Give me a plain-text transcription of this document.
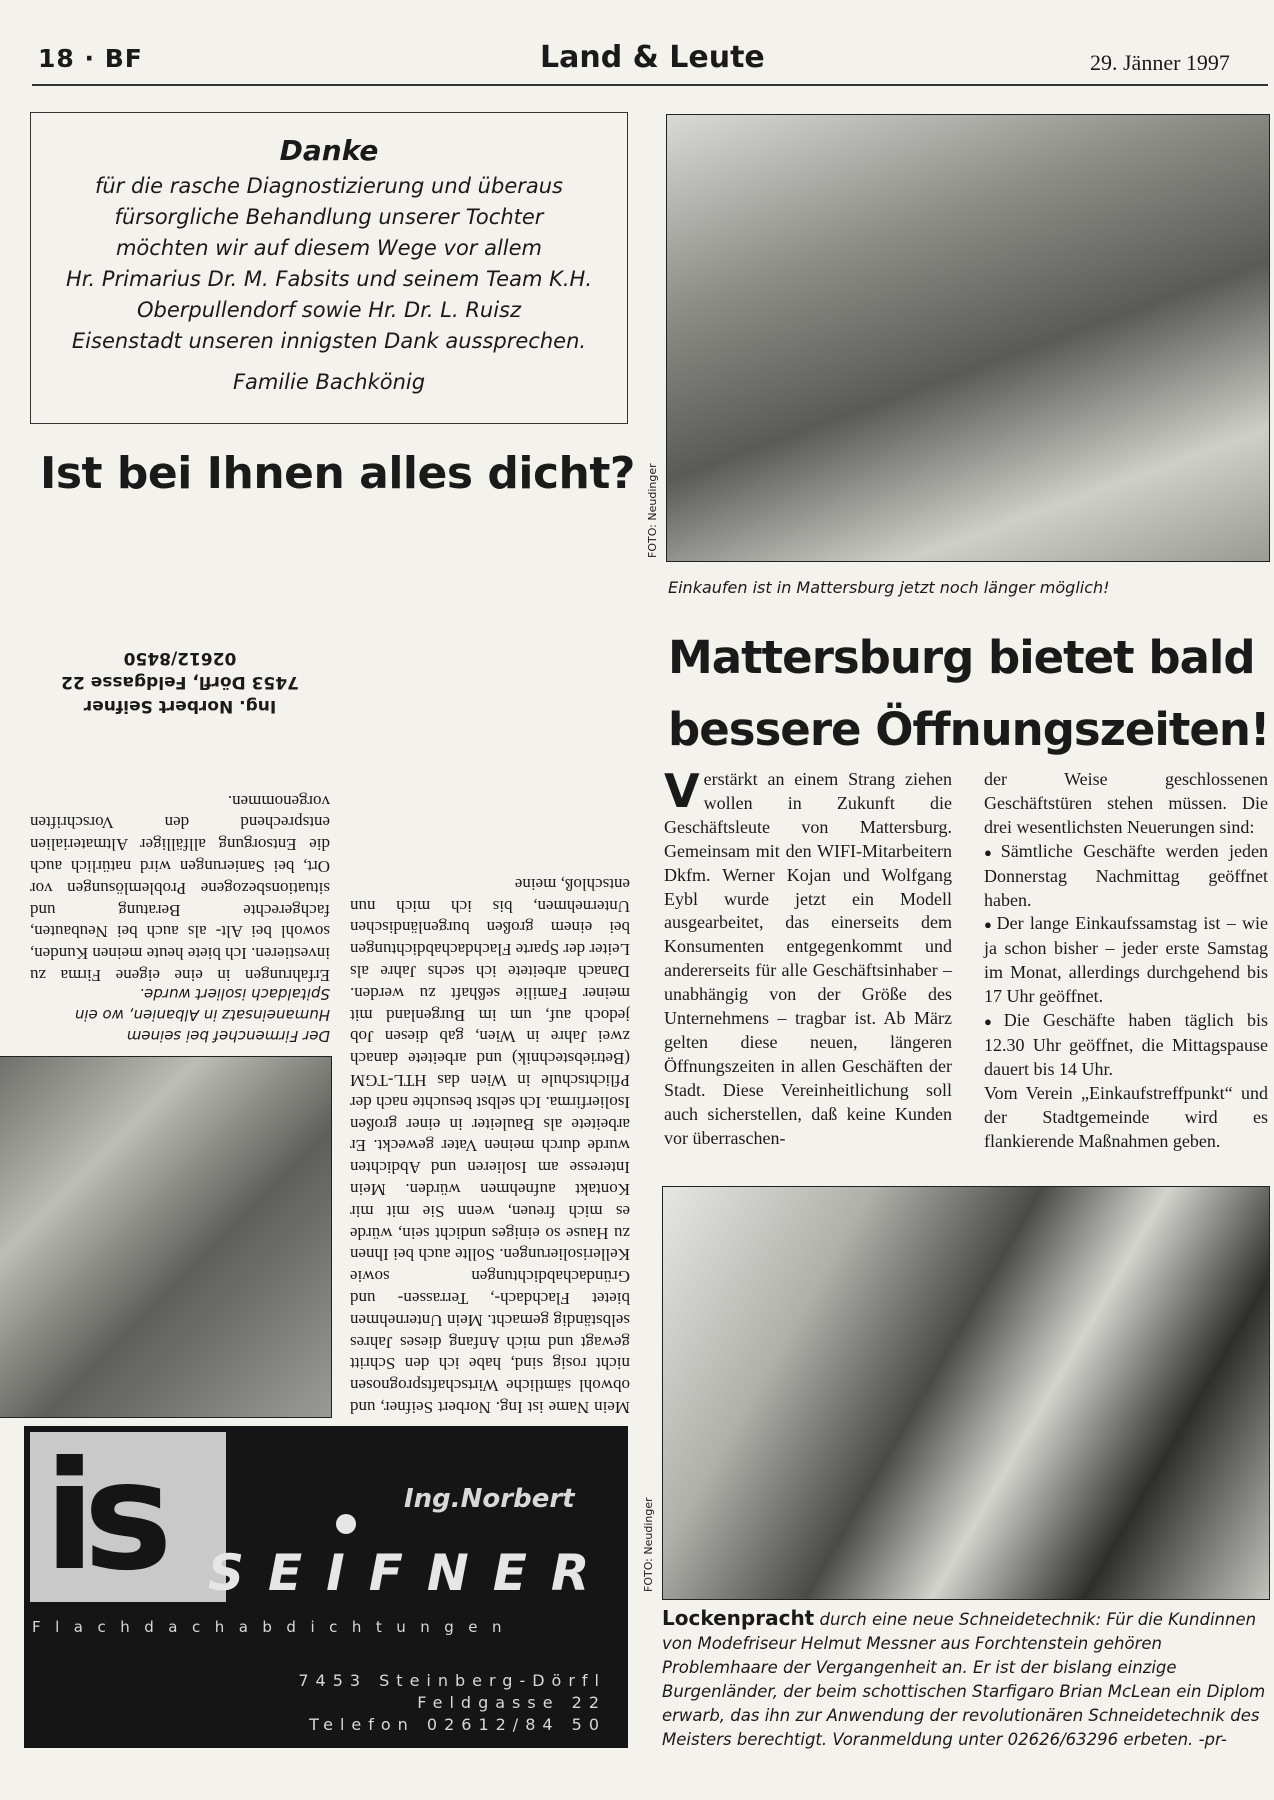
18 · BF	Land & Leute	29. Jänner 1997
Danke
für die rasche Diagnostizierung und überaus
fürsorgliche Behandlung unserer Tochter
möchten wir auf diesem Wege vor allem
Hr. Primarius Dr. M. Fabsits und seinem Team K.H.
Oberpullendorf sowie Hr. Dr. L. Ruisz
Eisenstadt unseren innigsten Dank aussprechen.
Familie Bachkönig
Ist bei Ihnen alles dicht?
Mein Name ist Ing. Norbert Seifner, und obwohl sämtliche Wirtschaftsprognosen nicht rosig sind, habe ich den Schritt gewagt und mich Anfang dieses Jahres selbständig gemacht. Mein Unternehmen bietet Flachdach-, Terrassen- und Gründachabdichtungen sowie Kellerisolierungen. Sollte auch bei Ihnen zu Hause so einiges undicht sein, würde es mich freuen, wenn Sie mit mir Kontakt aufnehmen würden. Mein Interesse am Isolieren und Abdichten wurde durch meinen Vater geweckt. Er arbeitete als Bauleiter in einer großen Isolierfirma. Ich selbst besuchte nach der Pflichtschule in Wien das HTL-TGM (Betriebstechnik) und arbeitete danach zwei Jahre in Wien, gab diesen Job jedoch auf, um im Burgenland mit meiner Familie seßhaft zu werden. Danach arbeitete ich sechs Jahre als Leiter der Sparte Flachdachabdichtungen bei einem großen burgenländischen Unternehmen, bis ich mich nun entschloß, meine
Der Firmenchef bei seinem Humaneinsatz in Albanien, wo ein Spitaldach isoliert wurde.
Erfahrungen in eine eigene Firma zu investieren. Ich biete heute meinen Kunden, sowohl bei Alt- als auch bei Neubauten, fachgerechte Beratung und situationsbezogene Problemlösungen vor Ort, bei Sanierungen wird natürlich auch die Entsorgung allfälliger Altmaterialien entsprechend den Vorschriften vorgenommen.
Ing. Norbert Seifner
7453 Dörfl, Feldgasse 22
02612/8450
is	Ing.Norbert
SEIFNER
Flachdachabdichtungen
7453 Steinberg-Dörfl
Feldgasse 22
Telefon 02612/84 50
FOTO: Neudinger
Einkaufen ist in Mattersburg jetzt noch länger möglich!
Mattersburg bietet bald
bessere Öffnungszeiten!
Verstärkt an einem Strang ziehen wollen in Zukunft die Geschäftsleute von Mattersburg. Gemeinsam mit den WIFI-Mitarbeitern Dkfm. Werner Kojan und Wolfgang Eybl wurde jetzt ein Modell ausgearbeitet, das einerseits dem Konsumenten entgegenkommt und andererseits für alle Geschäftsinhaber – unabhängig von der Größe des Unternehmens – tragbar ist. Ab März gelten diese neuen, längeren Öffnungszeiten in allen Geschäften der Stadt. Diese Vereinheitlichung soll auch sicherstellen, daß keine Kunden vor überraschen-
der Weise geschlossenen Geschäftstüren stehen müssen. Die drei wesentlichsten Neuerungen sind:
● Sämtliche Geschäfte werden jeden Donnerstag Nachmittag geöffnet haben.
● Der lange Einkaufssamstag ist – wie ja schon bisher – jeder erste Samstag im Monat, allerdings durchgehend bis 17 Uhr geöffnet.
● Die Geschäfte haben täglich bis 12.30 Uhr geöffnet, die Mittagspause dauert bis 14 Uhr.
Vom Verein „Einkaufstreffpunkt“ und der Stadtgemeinde wird es flankierende Maßnahmen geben.
FOTO: Neudinger
Lockenpracht durch eine neue Schneidetechnik: Für die Kundinnen von Modefriseur Helmut Messner aus Forchtenstein gehören Problemhaare der Vergangenheit an. Er ist der bislang einzige Burgenländer, der beim schottischen Starfigaro Brian McLean ein Diplom erwarb, das ihn zur Anwendung der revolutionären Schneidetechnik des Meisters berechtigt. Voranmeldung unter 02626/63296 erbeten. -pr-
